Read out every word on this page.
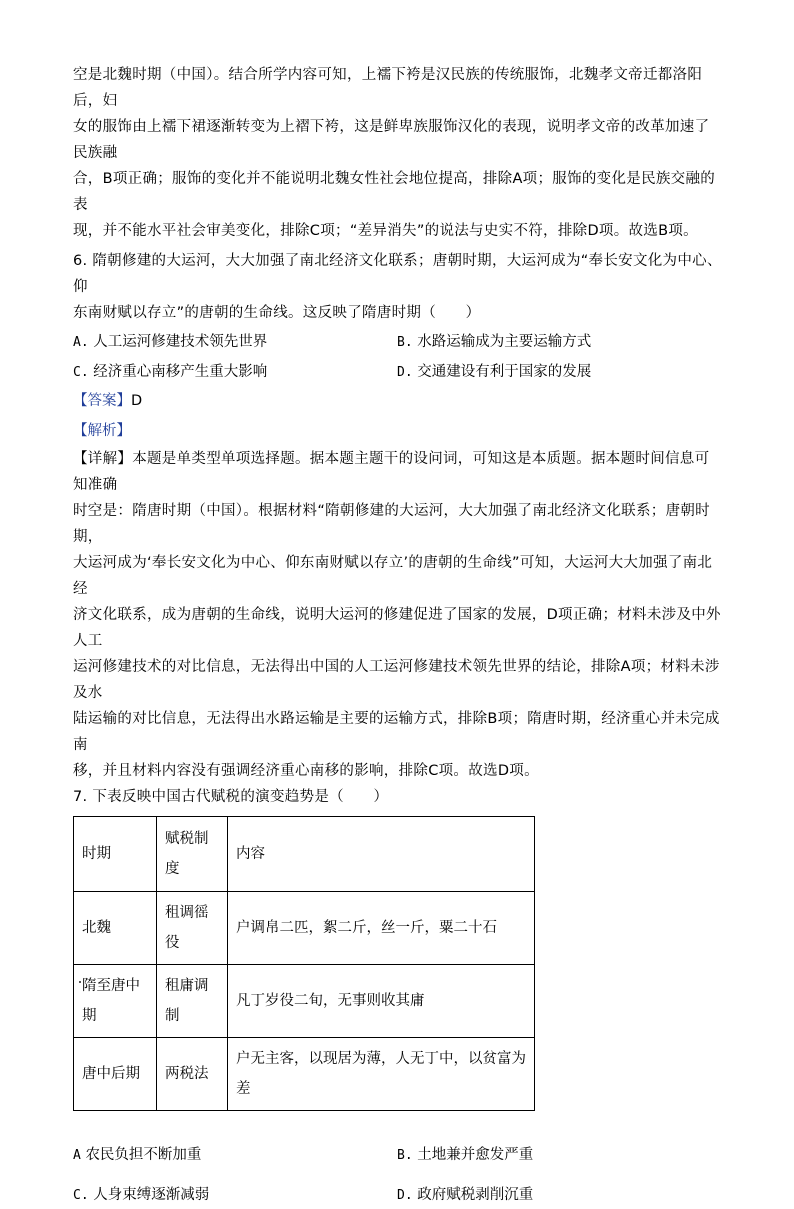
空是北魏时期（中国）。结合所学内容可知，上襦下袴是汉民族的传统服饰，北魏孝文帝迁都洛阳后，妇

女的服饰由上襦下裙逐渐转变为上褶下袴，这是鲜卑族服饰汉化的表现，说明孝文帝的改革加速了民族融

合，B项正确；服饰的变化并不能说明北魏女性社会地位提高，排除A项；服饰的变化是民族交融的表

现，并不能水平社会审美变化，排除C项；“差异消失”的说法与史实不符，排除D项。故选B项。

6. 隋朝修建的大运河，大大加强了南北经济文化联系；唐朝时期，大运河成为“奉长安文化为中心、仰

东南财赋以存立”的唐朝的生命线。这反映了隋唐时期（　　）

A. 人工运河修建技术领先世界	B. 水路运输成为主要运输方式
C. 经济重心南移产生重大影响	D. 交通建设有利于国家的发展
【答案】D
【解析】

【详解】本题是单类型单项选择题。据本题主题干的设问词，可知这是本质题。据本题时间信息可知准确

时空是：隋唐时期（中国）。根据材料“隋朝修建的大运河，大大加强了南北经济文化联系；唐朝时期，

大运河成为‘奉长安文化为中心、仰东南财赋以存立’的唐朝的生命线”可知，大运河大大加强了南北经

济文化联系，成为唐朝的生命线，说明大运河的修建促进了国家的发展，D项正确；材料未涉及中外人工

运河修建技术的对比信息，无法得出中国的人工运河修建技术领先世界的结论，排除A项；材料未涉及水

陆运输的对比信息，无法得出水路运输是主要的运输方式，排除B项；隋唐时期，经济重心并未完成南

移，并且材料内容没有强调经济重心南移的影响，排除C项。故选D项。

7. 下表反映中国古代赋税的演变趋势是（　　）

时期	赋税制度	内容
北魏	租调徭役	户调帛二匹，絮二斤，丝一斤，粟二十石
隋至唐中期	租庸调制	凡丁岁役二旬，无事则收其庸
唐中后期	两税法	户无主客，以现居为薄，人无丁中，以贫富为差
A 农民负担不断加重	B. 土地兼并愈发严重
C. 人身束缚逐渐减弱	D. 政府赋税剥削沉重
